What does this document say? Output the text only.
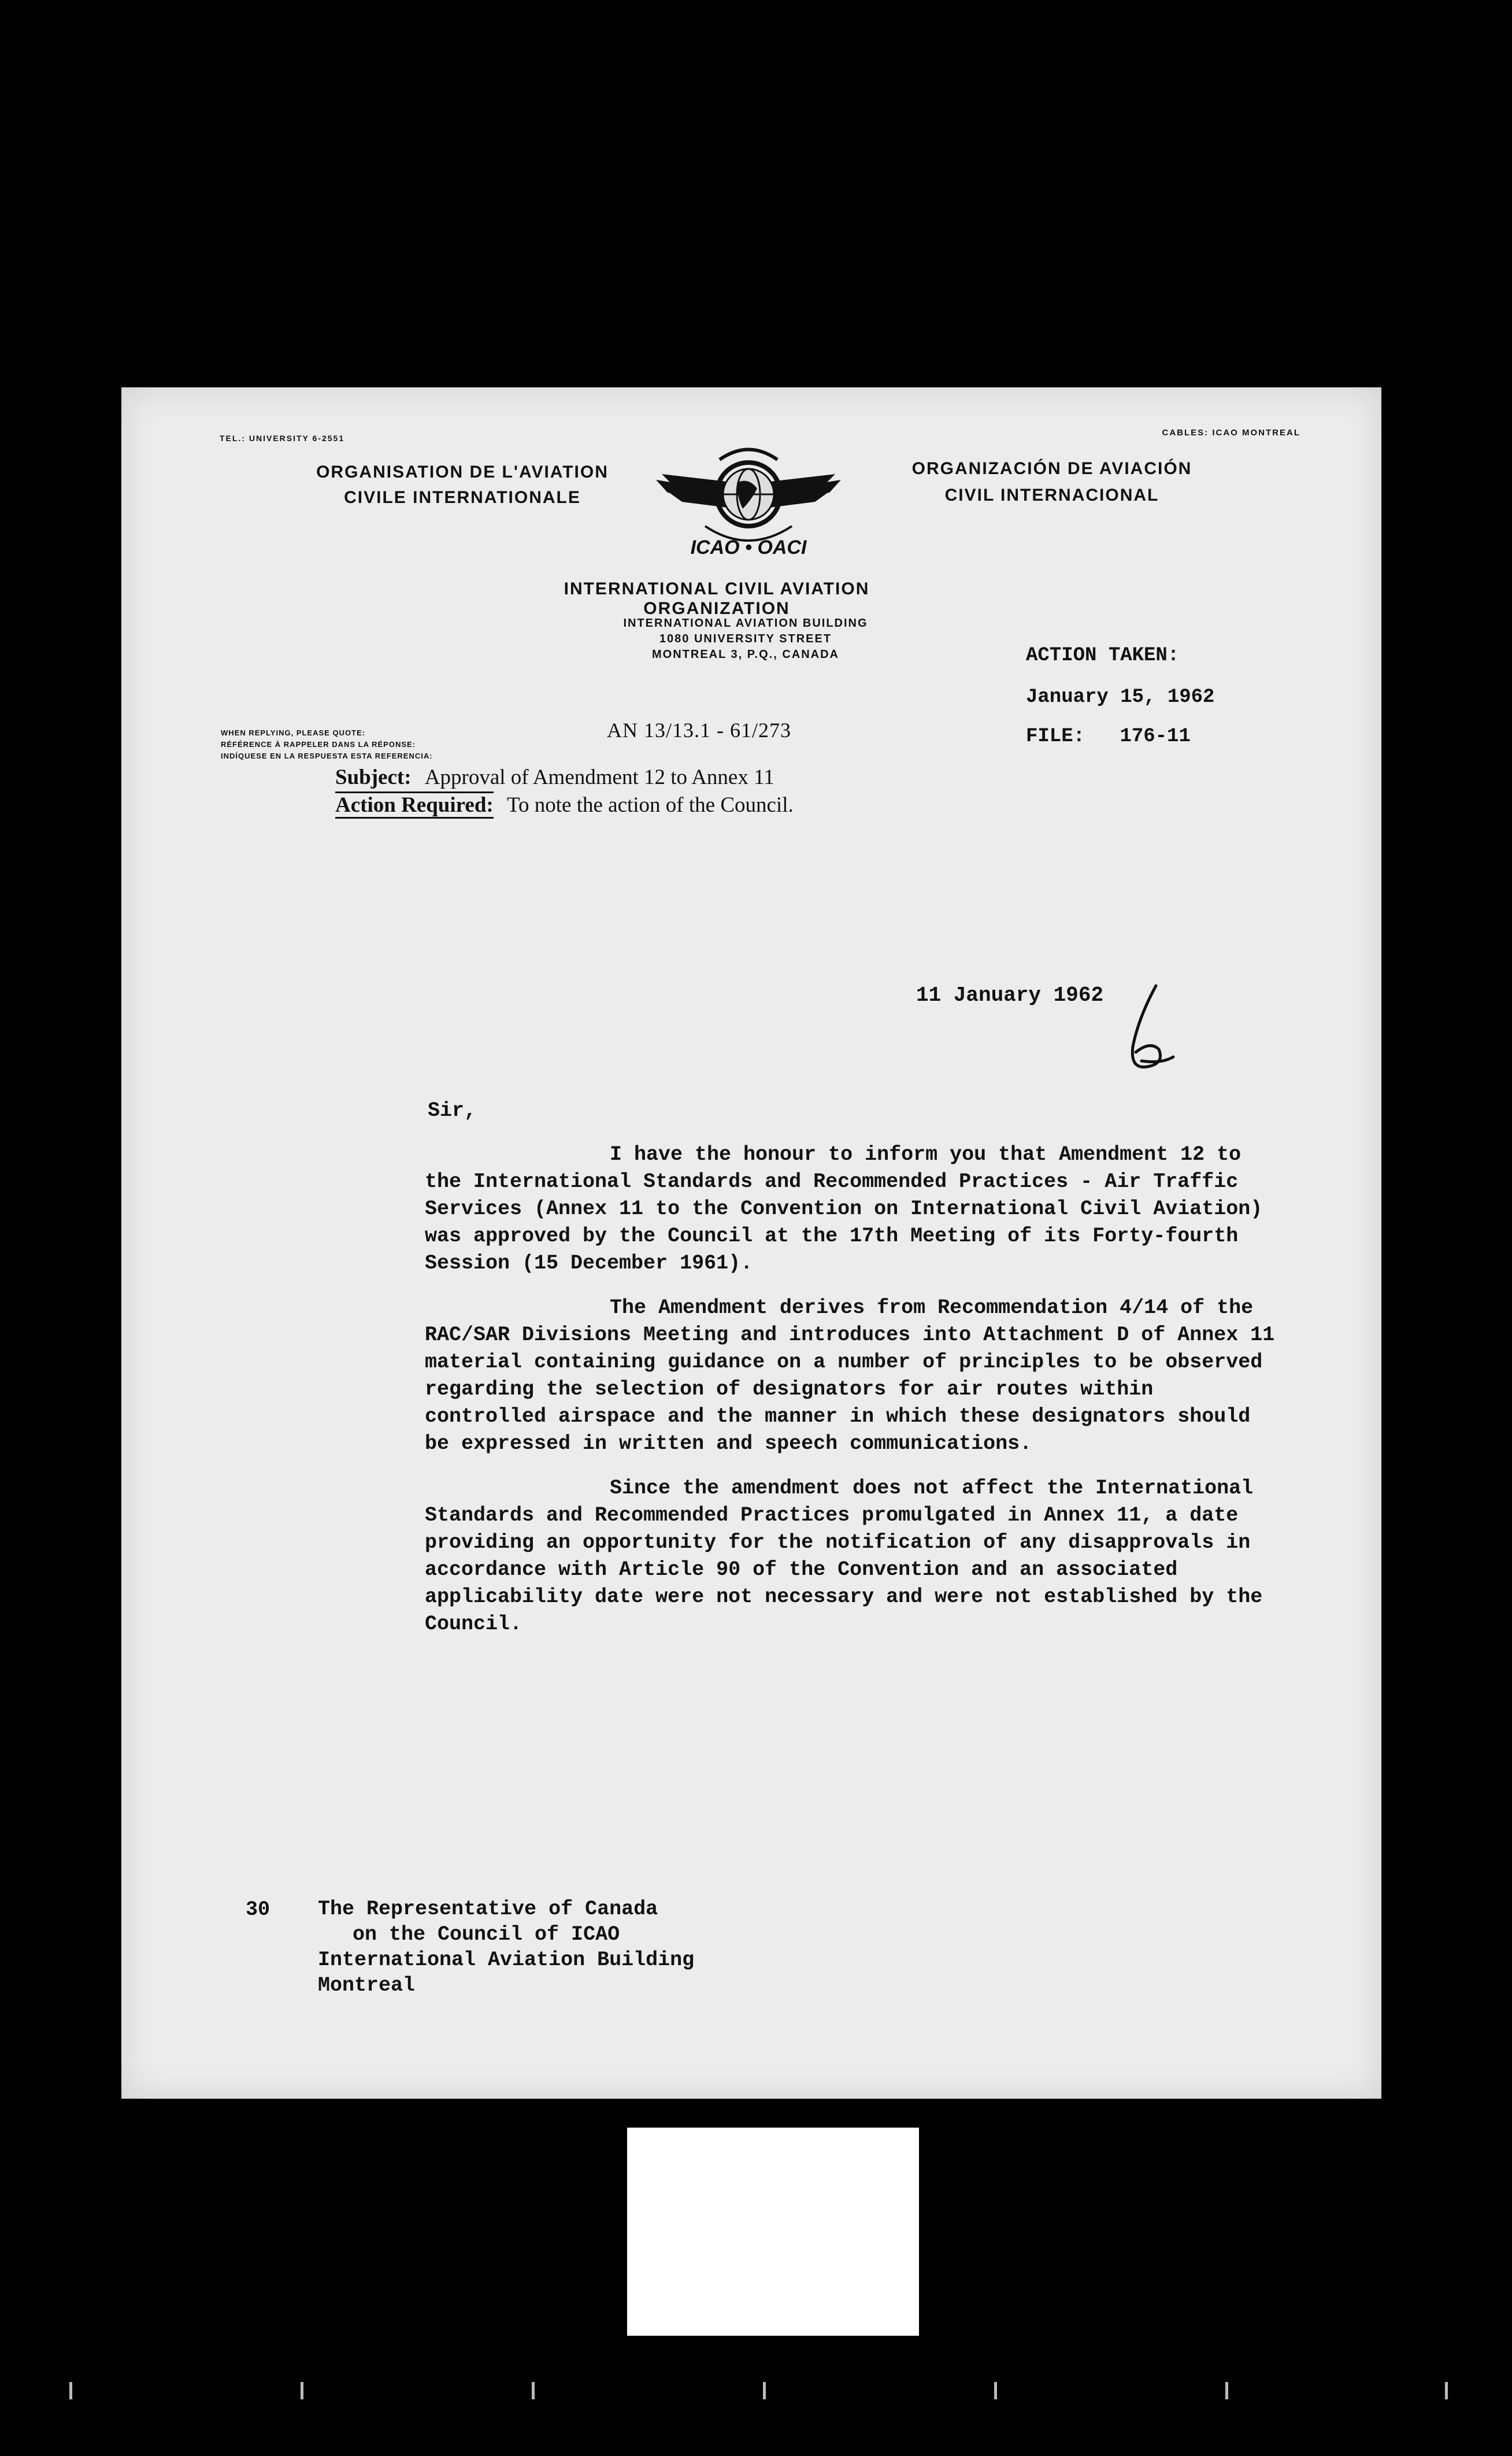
TEL.: UNIVERSITY 6-2551
CABLES: ICAO MONTREAL
ORGANISATION DE L'AVIATION
CIVILE INTERNATIONALE
ICAO • OACI
ORGANIZACIÓN DE AVIACIÓN
CIVIL INTERNACIONAL
INTERNATIONAL CIVIL AVIATION ORGANIZATION
INTERNATIONAL AVIATION BUILDING
1080 UNIVERSITY STREET
MONTREAL 3, P.Q., CANADA	ACTION TAKEN:
January 15, 1962
FILE: 176-11
WHEN REPLYING, PLEASE QUOTE:
RÉFÉRENCE À RAPPELER DANS LA RÉPONSE:
INDÍQUESE EN LA RESPUESTA ESTA REFERENCIA:
AN 13/13.1 - 61/273
Subject: Approval of Amendment 12 to Annex 11
Action Required: To note the action of the Council.
11 January 1962
6
Sir,

I have the honour to inform you that Amendment 12 to the International Standards and Recommended Practices - Air Traffic Services (Annex 11 to the Convention on International Civil Aviation) was approved by the Council at the 17th Meeting of its Forty-fourth Session (15 December 1961).

The Amendment derives from Recommendation 4/14 of the RAC/SAR Divisions Meeting and introduces into Attachment D of Annex 11 material containing guidance on a number of principles to be observed regarding the selection of designators for air routes within controlled airspace and the manner in which these designators should be expressed in written and speech communications.

Since the amendment does not affect the International Standards and Recommended Practices promulgated in Annex 11, a date providing an opportunity for the notification of any disapprovals in accordance with Article 90 of the Convention and an associated applicability date were not necessary and were not established by the Council.

30 The Representative of Canada
on the Council of ICAO
International Aviation Building
Montreal
